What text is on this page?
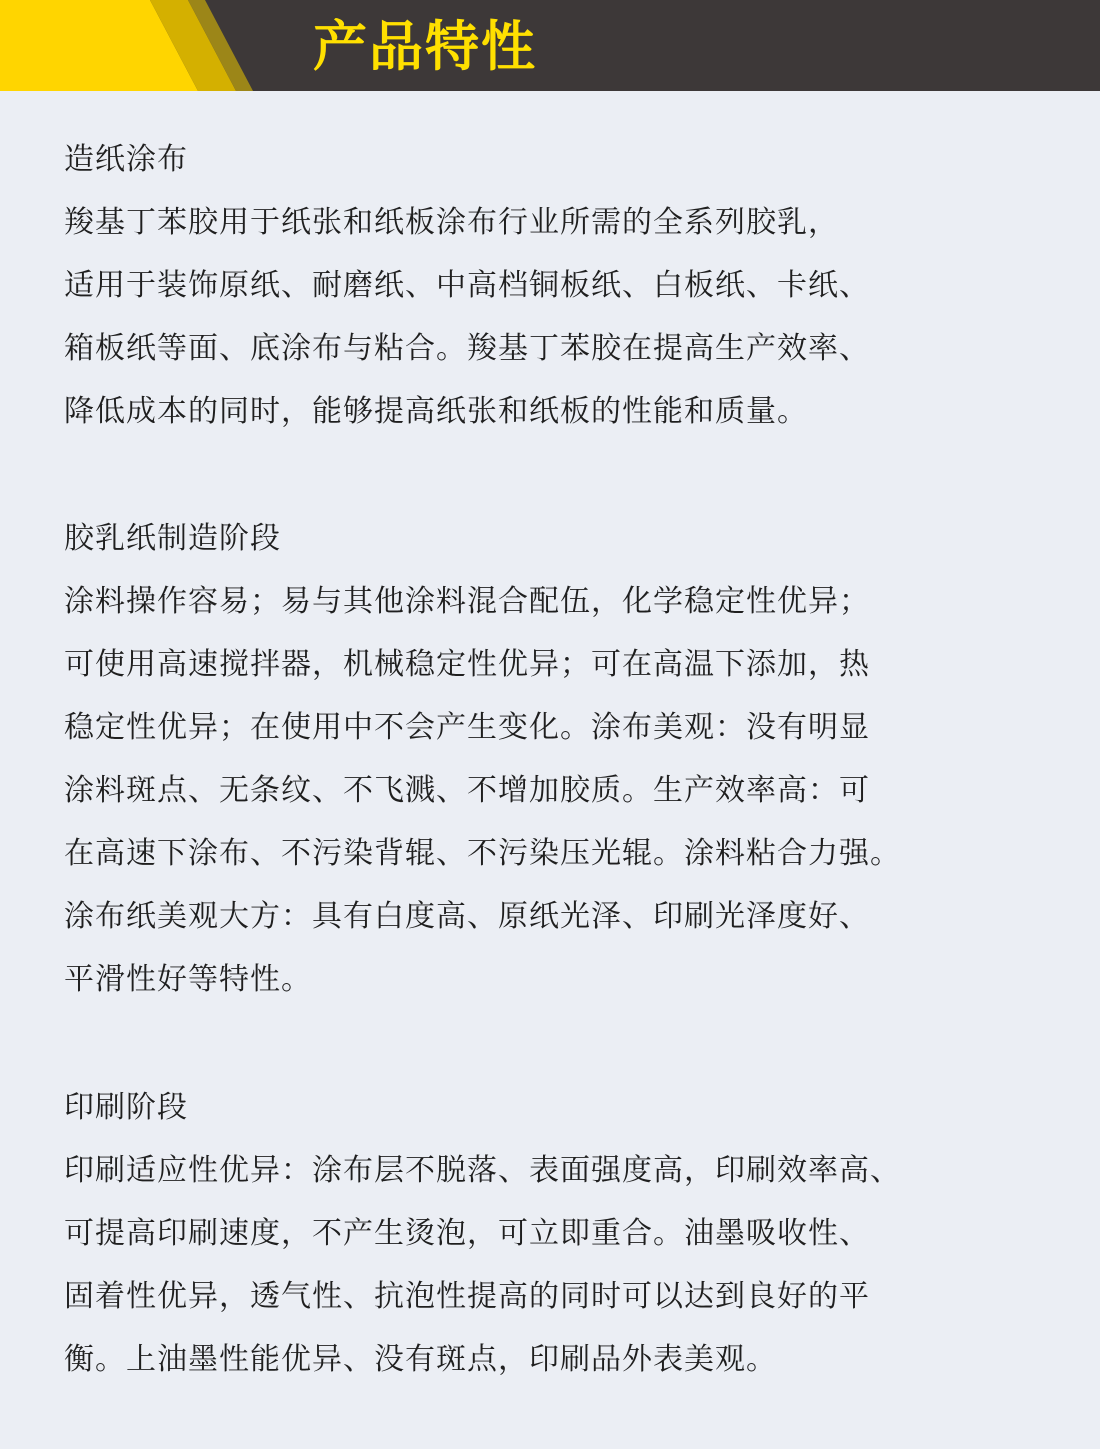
产品特性
造纸涂布
羧基丁苯胶用于纸张和纸板涂布行业所需的全系列胶乳，
适用于装饰原纸、耐磨纸、中高档铜板纸、白板纸、卡纸、
箱板纸等面、底涂布与粘合。羧基丁苯胶在提高生产效率、
降低成本的同时，能够提高纸张和纸板的性能和质量。
胶乳纸制造阶段
涂料操作容易；易与其他涂料混合配伍，化学稳定性优异；
可使用高速搅拌器，机械稳定性优异；可在高温下添加，热
稳定性优异；在使用中不会产生变化。涂布美观：没有明显
涂料斑点、无条纹、不飞溅、不增加胶质。生产效率高：可
在高速下涂布、不污染背辊、不污染压光辊。涂料粘合力强。
涂布纸美观大方：具有白度高、原纸光泽、印刷光泽度好、
平滑性好等特性。
印刷阶段
印刷适应性优异：涂布层不脱落、表面强度高，印刷效率高、
可提高印刷速度，不产生烫泡，可立即重合。油墨吸收性、
固着性优异，透气性、抗泡性提高的同时可以达到良好的平
衡。上油墨性能优异、没有斑点，印刷品外表美观。
